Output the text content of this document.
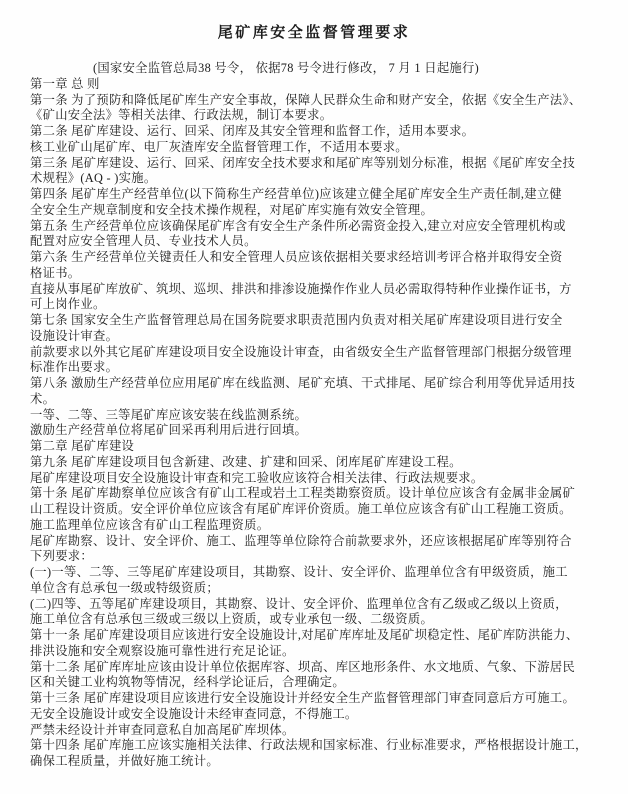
尾矿库安全监督管理要求
　　　　　(国家安全监管总局38 号令， 依据78 号令进行修改， 7 月 1 日起施行)
第一章 总 则
第一条 为了预防和降低尾矿库生产安全事故，保障人民群众生命和财产安全，依据《安全生产法》、
《矿山安全法》等相关法律、行政法规，制订本要求。
第二条 尾矿库建设、运行、回采、闭库及其安全管理和监督工作，适用本要求。
核工业矿山尾矿库、电厂灰渣库安全监督管理工作，不适用本要求。
第三条 尾矿库建设、运行、回采、闭库安全技术要求和尾矿库等别划分标准，根据《尾矿库安全技
术规程》(AQ - )实施。
第四条 尾矿库生产经营单位(以下简称生产经营单位)应该建立健全尾矿库安全生产责任制,建立健
全安全生产规章制度和安全技术操作规程，对尾矿库实施有效安全管理。
第五条 生产经营单位应该确保尾矿库含有安全生产条件所必需资金投入,建立对应安全管理机构或
配置对应安全管理人员、专业技术人员。
第六条 生产经营单位关键责任人和安全管理人员应该依据相关要求经培训考评合格并取得安全资
格证书。
直接从事尾矿库放矿、筑坝、巡坝、排洪和排渗设施操作作业人员必需取得特种作业操作证书，方
可上岗作业。
第七条 国家安全生产监督管理总局在国务院要求职责范围内负责对相关尾矿库建设项目进行安全
设施设计审查。
前款要求以外其它尾矿库建设项目安全设施设计审查，由省级安全生产监督管理部门根据分级管理
标准作出要求。
第八条 激励生产经营单位应用尾矿库在线监测、尾矿充填、干式排尾、尾矿综合利用等优异适用技
术。
一等、二等、三等尾矿库应该安装在线监测系统。
激励生产经营单位将尾矿回采再利用后进行回填。
第二章 尾矿库建设
第九条 尾矿库建设项目包含新建、改建、扩建和回采、闭库尾矿库建设工程。
尾矿库建设项目安全设施设计审查和完工验收应该符合相关法律、行政法规要求。
第十条 尾矿库勘察单位应该含有矿山工程或岩土工程类勘察资质。设计单位应该含有金属非金属矿
山工程设计资质。安全评价单位应该含有尾矿库评价资质。施工单位应该含有矿山工程施工资质。
施工监理单位应该含有矿山工程监理资质。
尾矿库勘察、设计、安全评价、施工、监理等单位除符合前款要求外，还应该根据尾矿库等别符合
下列要求：
(一)一等、二等、三等尾矿库建设项目，其勘察、设计、安全评价、监理单位含有甲级资质，施工
单位含有总承包一级或特级资质；
(二)四等、五等尾矿库建设项目，其勘察、设计、安全评价、监理单位含有乙级或乙级以上资质，
施工单位含有总承包三级或三级以上资质，或专业承包一级、二级资质。
第十一条 尾矿库建设项目应该进行安全设施设计,对尾矿库库址及尾矿坝稳定性、尾矿库防洪能力、
排洪设施和安全观察设施可靠性进行充足论证。
第十二条 尾矿库库址应该由设计单位依据库容、坝高、库区地形条件、水文地质、气象、下游居民
区和关键工业构筑物等情况，经科学论证后，合理确定。
第十三条 尾矿库建设项目应该进行安全设施设计并经安全生产监督管理部门审查同意后方可施工。
无安全设施设计或安全设施设计未经审查同意，不得施工。
严禁未经设计并审查同意私自加高尾矿库坝体。
第十四条 尾矿库施工应该实施相关法律、行政法规和国家标准、行业标准要求，严格根据设计施工，
确保工程质量，并做好施工统计。
